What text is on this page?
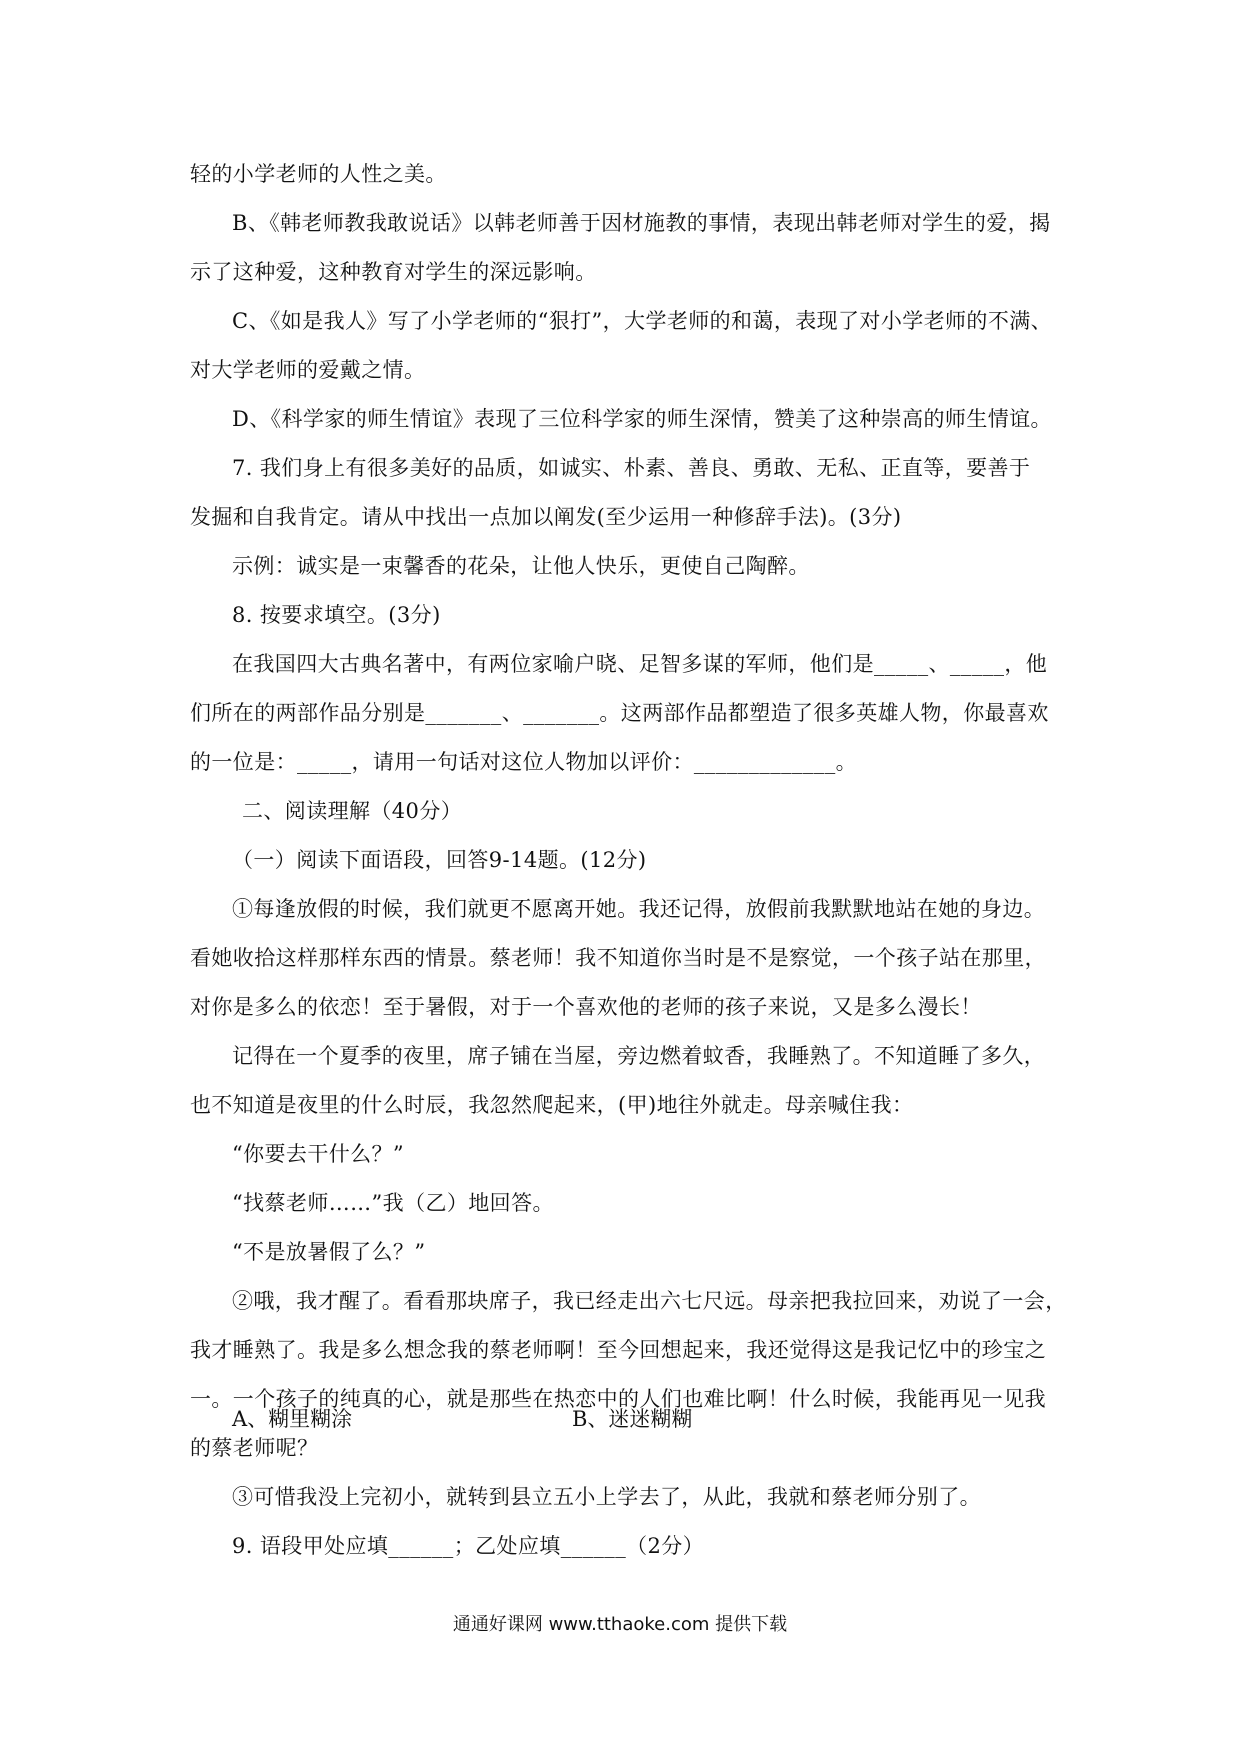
轻的小学老师的人性之美。
B、《韩老师教我敢说话》以韩老师善于因材施教的事情，表现出韩老师对学生的爱，揭
示了这种爱，这种教育对学生的深远影响。
C、《如是我人》写了小学老师的“狠打”，大学老师的和蔼，表现了对小学老师的不满、
对大学老师的爱戴之情。
D、《科学家的师生情谊》表现了三位科学家的师生深情，赞美了这种崇高的师生情谊。
7. 我们身上有很多美好的品质，如诚实、朴素、善良、勇敢、无私、正直等，要善于
发掘和自我肯定。请从中找出一点加以阐发(至少运用一种修辞手法)。(3分)
示例：诚实是一束馨香的花朵，让他人快乐，更使自己陶醉。
8. 按要求填空。(3分)
在我国四大古典名著中，有两位家喻户晓、足智多谋的军师，他们是_____、_____，他
们所在的两部作品分别是_______、_______。这两部作品都塑造了很多英雄人物，你最喜欢
的一位是：_____，请用一句话对这位人物加以评价：_____________。
二、阅读理解（40分）
（一）阅读下面语段，回答9-14题。(12分)
①每逢放假的时候，我们就更不愿离开她。我还记得，放假前我默默地站在她的身边。
看她收拾这样那样东西的情景。蔡老师！我不知道你当时是不是察觉，一个孩子站在那里，
对你是多么的依恋！至于暑假，对于一个喜欢他的老师的孩子来说，又是多么漫长！
记得在一个夏季的夜里，席子铺在当屋，旁边燃着蚊香，我睡熟了。不知道睡了多久，
也不知道是夜里的什么时辰，我忽然爬起来，(甲)地往外就走。母亲喊住我：
“你要去干什么？”
“找蔡老师……”我（乙）地回答。
“不是放暑假了么？”
②哦，我才醒了。看看那块席子，我已经走出六七尺远。母亲把我拉回来，劝说了一会，
我才睡熟了。我是多么想念我的蔡老师啊！至今回想起来，我还觉得这是我记忆中的珍宝之
一。一个孩子的纯真的心，就是那些在热恋中的人们也难比啊！什么时候，我能再见一见我
的蔡老师呢？
③可惜我没上完初小，就转到县立五小上学去了，从此，我就和蔡老师分别了。
9. 语段甲处应填______；乙处应填______（2分）
A、糊里糊涂	B、迷迷糊糊
通通好课网 www.tthaoke.com 提供下载
